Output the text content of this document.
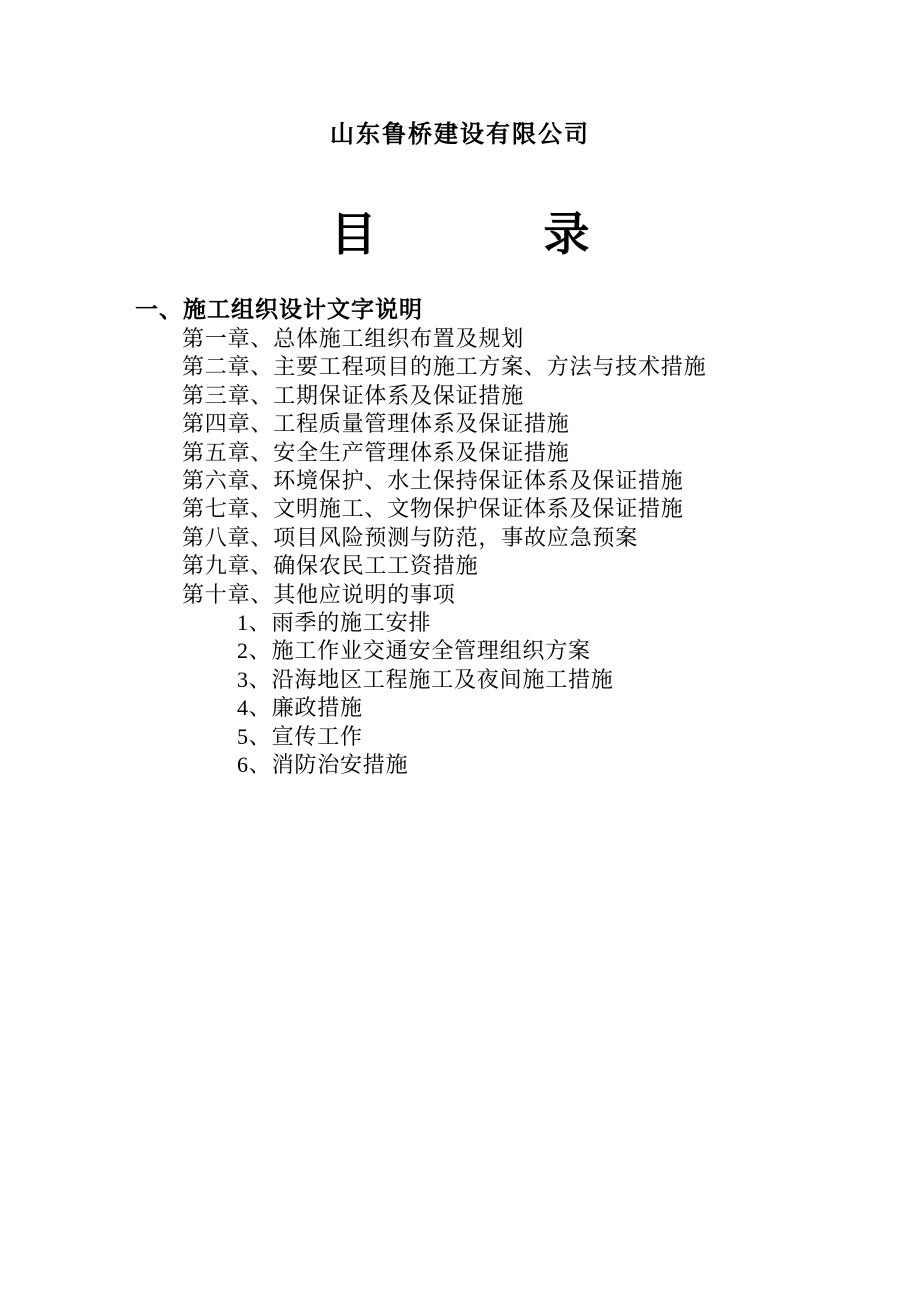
山东鲁桥建设有限公司
目	录
一、施工组织设计文字说明
第一章、总体施工组织布置及规划
第二章、主要工程项目的施工方案、方法与技术措施
第三章、工期保证体系及保证措施
第四章、工程质量管理体系及保证措施
第五章、安全生产管理体系及保证措施
第六章、环境保护、水土保持保证体系及保证措施
第七章、文明施工、文物保护保证体系及保证措施
第八章、项目风险预测与防范，事故应急预案
第九章、确保农民工工资措施
第十章、其他应说明的事项
1、雨季的施工安排
2、施工作业交通安全管理组织方案
3、沿海地区工程施工及夜间施工措施
4、廉政措施
5、宣传工作
6、消防治安措施
